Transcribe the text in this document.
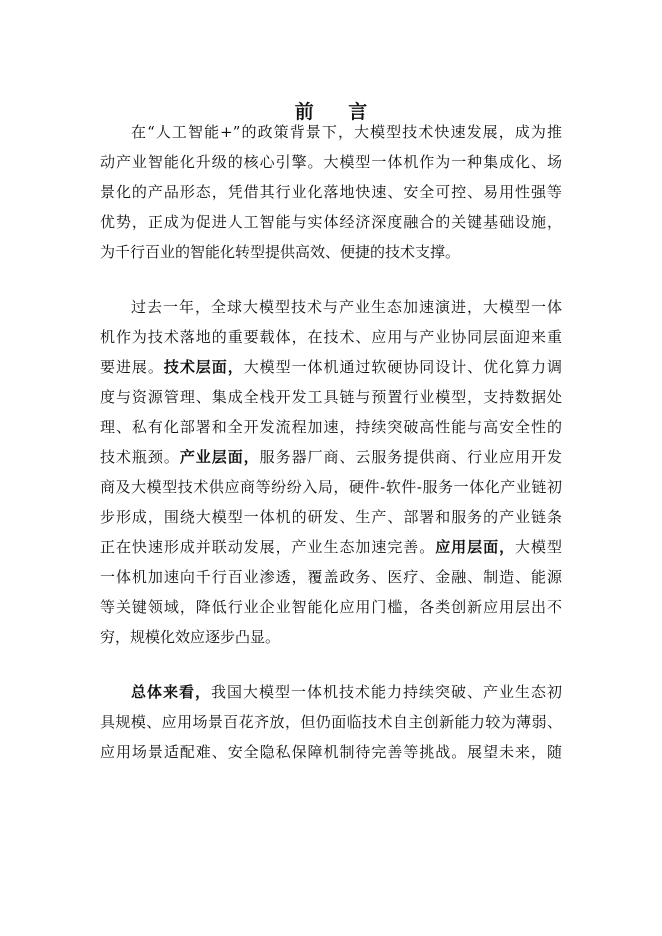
前 言
在“人工智能+”的政策背景下，大模型技术快速发展，成为推
动产业智能化升级的核心引擎。大模型一体机作为一种集成化、场
景化的产品形态，凭借其行业化落地快速、安全可控、易用性强等
优势，正成为促进人工智能与实体经济深度融合的关键基础设施，
为千行百业的智能化转型提供高效、便捷的技术支撑。
过去一年，全球大模型技术与产业生态加速演进，大模型一体
机作为技术落地的重要载体，在技术、应用与产业协同层面迎来重
要进展。技术层面，大模型一体机通过软硬协同设计、优化算力调
度与资源管理、集成全栈开发工具链与预置行业模型，支持数据处
理、私有化部署和全开发流程加速，持续突破高性能与高安全性的
技术瓶颈。产业层面，服务器厂商、云服务提供商、行业应用开发
商及大模型技术供应商等纷纷入局，硬件-软件-服务一体化产业链初
步形成，围绕大模型一体机的研发、生产、部署和服务的产业链条
正在快速形成并联动发展，产业生态加速完善。应用层面，大模型
一体机加速向千行百业渗透，覆盖政务、医疗、金融、制造、能源
等关键领域，降低行业企业智能化应用门槛，各类创新应用层出不
穷，规模化效应逐步凸显。
总体来看，我国大模型一体机技术能力持续突破、产业生态初
具规模、应用场景百花齐放，但仍面临技术自主创新能力较为薄弱、
应用场景适配难、安全隐私保障机制待完善等挑战。展望未来，随
